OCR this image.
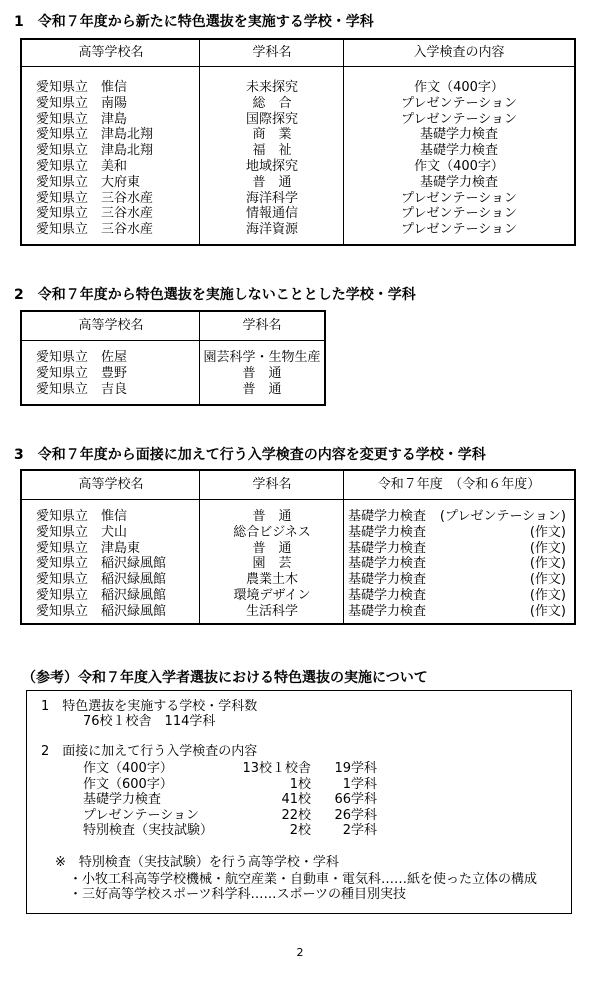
1　令和７年度から新たに特色選抜を実施する学校・学科
高等学校名	学科名	入学検査の内容
愛知県立　惟信	未来探究	作文（400字）
愛知県立　南陽	総　合	プレゼンテーション
愛知県立　津島	国際探究	プレゼンテーション
愛知県立　津島北翔	商　業	基礎学力検査
愛知県立　津島北翔	福　祉	基礎学力検査
愛知県立　美和	地域探究	作文（400字）
愛知県立　大府東	普　通	基礎学力検査
愛知県立　三谷水産	海洋科学	プレゼンテーション
愛知県立　三谷水産	情報通信	プレゼンテーション
愛知県立　三谷水産	海洋資源	プレゼンテーション
2　令和７年度から特色選抜を実施しないこととした学校・学科
高等学校名	学科名
愛知県立　佐屋	園芸科学・生物生産
愛知県立　豊野	普　通
愛知県立　吉良	普　通
3　令和７年度から面接に加えて行う入学検査の内容を変更する学校・学科
高等学校名	学科名	令和７年度　（令和６年度）
愛知県立　惟信	普　通	基礎学力検査 (プレゼンテーション)
愛知県立　犬山	総合ビジネス	基礎学力検査	(作文)
愛知県立　津島東	普　通	基礎学力検査	(作文)
愛知県立　稲沢緑風館	園　芸	基礎学力検査	(作文)
愛知県立　稲沢緑風館	農業土木	基礎学力検査	(作文)
愛知県立　稲沢緑風館	環境デザイン	基礎学力検査	(作文)
愛知県立　稲沢緑風館	生活科学	基礎学力検査	(作文)
（参考）令和７年度入学者選抜における特色選抜の実施について
1　特色選抜を実施する学校・学科数
76校１校舎　114学科
2　面接に加えて行う入学検査の内容
作文（400字）	13校１校舎	19学科
作文（600字）	1校	1学科
基礎学力検査	41校	66学科
プレゼンテーション	22校	26学科
特別検査（実技試験）	2校	2学科
※　特別検査（実技試験）を行う高等学校・学科
・小牧工科高等学校機械・航空産業・自動車・電気科……紙を使った立体の構成
・三好高等学校スポーツ科学科……スポーツの種目別実技
2
